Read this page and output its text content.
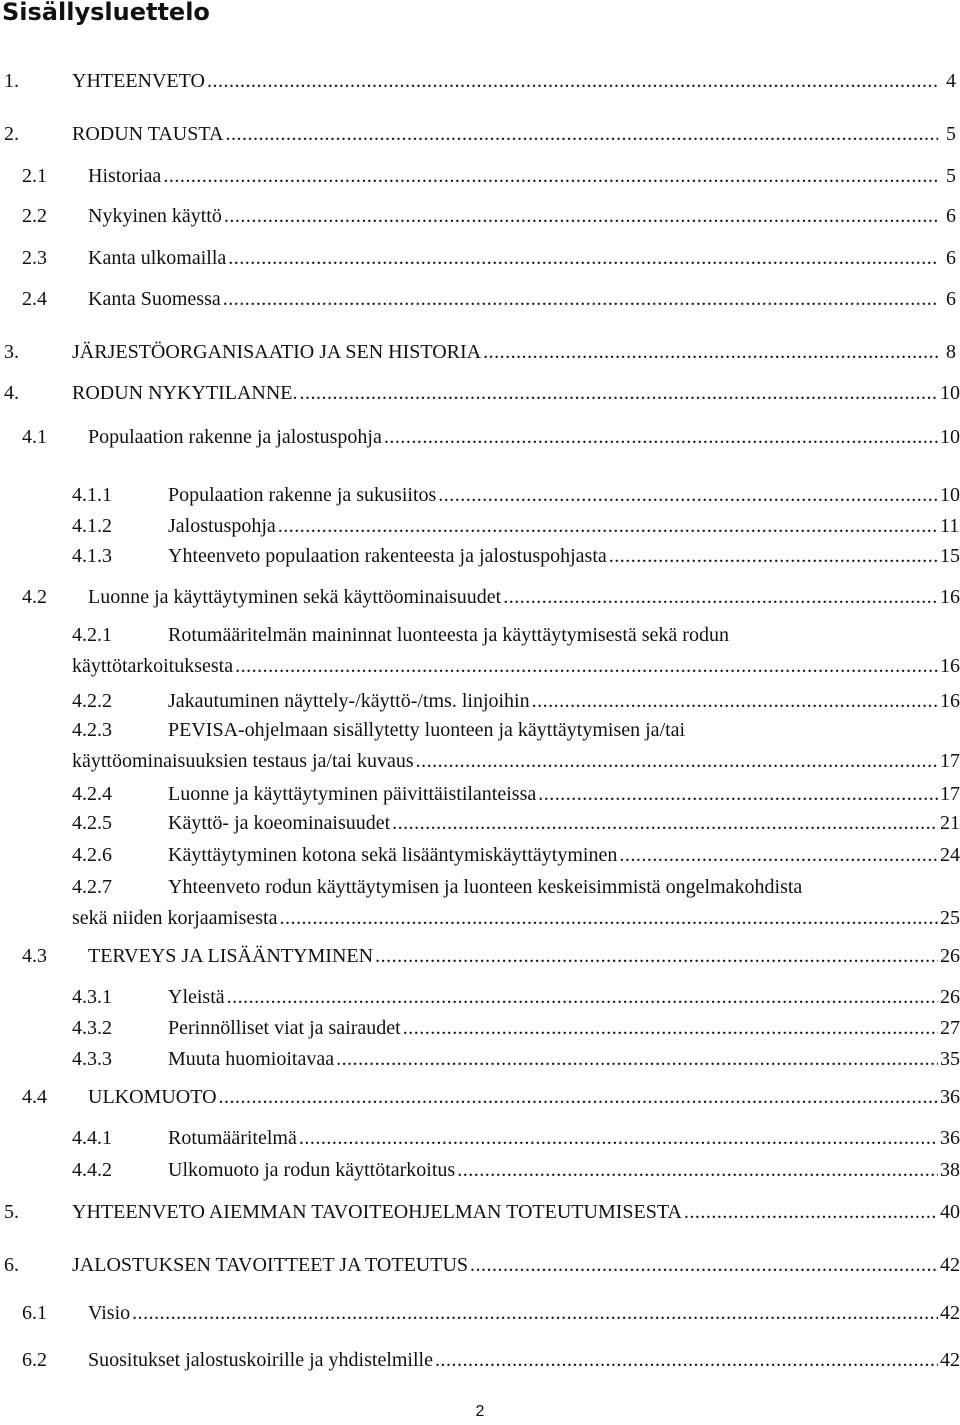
Sisällysluettelo
1.	YHTEENVETO .....	4
2.	RODUN TAUSTA .....	5
2.1 Historiaa .....	5
2.2 Nykyinen käyttö .....	6
2.3 Kanta ulkomailla .....	6
2.4 Kanta Suomessa .....	6
3.	JÄRJESTÖORGANISAATIO JA SEN HISTORIA .....	8
4.	RODUN NYKYTILANNE. .....	10
4.1 Populaation rakenne ja jalostuspohja .....	10
4.1.1	Populaation rakenne ja sukusiitos .....	10
4.1.2	Jalostuspohja .....	11
4.1.3	Yhteenveto populaation rakenteesta ja jalostuspohjasta .....	15
4.2 Luonne ja käyttäytyminen sekä käyttöominaisuudet .....	16
4.2.1	Rotumääritelmän maininnat luonteesta ja käyttäytymisestä sekä rodun
käyttötarkoituksesta .....	16
4.2.2	Jakautuminen näyttely-/käyttö-/tms. linjoihin .....	16
4.2.3	PEVISA-ohjelmaan sisällytetty luonteen ja käyttäytymisen ja/tai
käyttöominaisuuksien testaus ja/tai kuvaus .....	17
4.2.4	Luonne ja käyttäytyminen päivittäistilanteissa .....	17
4.2.5	Käyttö- ja koeominaisuudet .....	21
4.2.6	Käyttäytyminen kotona sekä lisääntymiskäyttäytyminen .....	24
4.2.7	Yhteenveto rodun käyttäytymisen ja luonteen keskeisimmistä ongelmakohdista
sekä niiden korjaamisesta .....	25
4.3 TERVEYS JA LISÄÄNTYMINEN .....	26
4.3.1	Yleistä .....	26
4.3.2	Perinnölliset viat ja sairaudet .....	27
4.3.3	Muuta huomioitavaa .....	35
4.4 ULKOMUOTO .....	36
4.4.1	Rotumääritelmä .....	36
4.4.2	Ulkomuoto ja rodun käyttötarkoitus .....	38
5.	YHTEENVETO AIEMMAN TAVOITEOHJELMAN TOTEUTUMISESTA .....	40
6.	JALOSTUKSEN TAVOITTEET JA TOTEUTUS .....	42
6.1 Visio .....	42
6.2 Suositukset jalostuskoirille ja yhdistelmille .....	42
2
